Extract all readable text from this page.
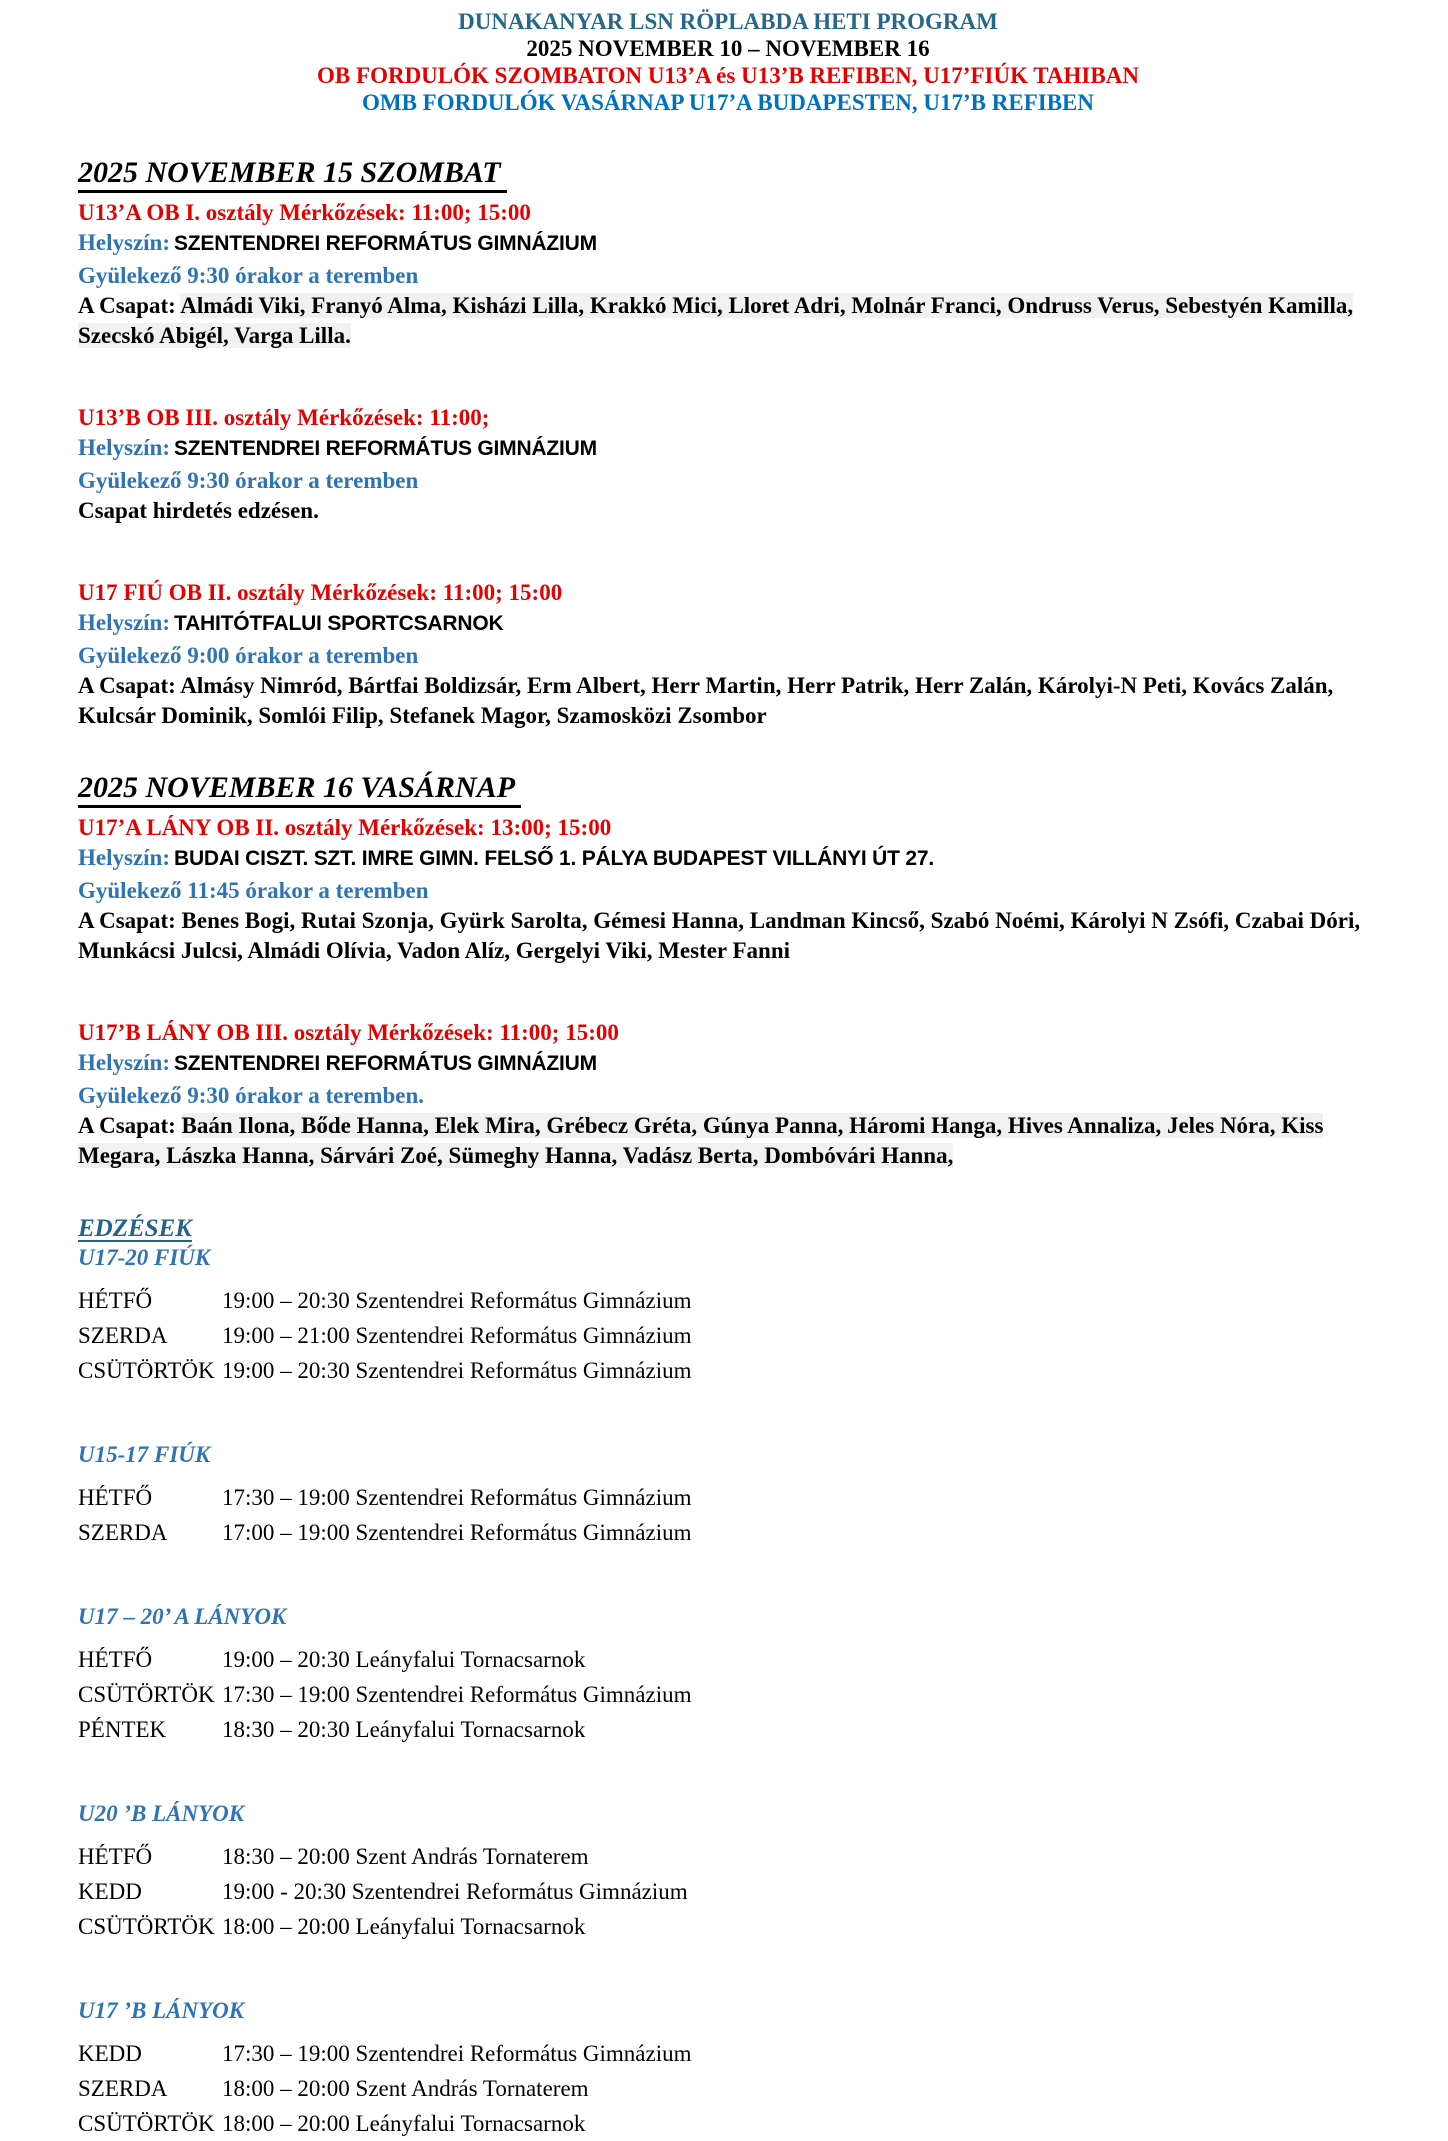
DUNAKANYAR LSN RÖPLABDA HETI PROGRAM
2025 NOVEMBER 10 – NOVEMBER 16
OB FORDULÓK SZOMBATON U13’A és U13’B REFIBEN, U17’FIÚK TAHIBAN
OMB FORDULÓK VASÁRNAP U17’A BUDAPESTEN, U17’B REFIBEN
2025 NOVEMBER 15 SZOMBAT
U13’A OB I. osztály Mérkőzések: 11:00; 15:00
Helyszín: SZENTENDREI REFORMÁTUS GIMNÁZIUM
Gyülekező 9:30 órakor a teremben
A Csapat: Almádi Viki, Franyó Alma, Kisházi Lilla, Krakkó Mici, Lloret Adri, Molnár Franci, Ondruss Verus, Sebestyén Kamilla, Szecskó Abigél, Varga Lilla.
U13’B OB III. osztály Mérkőzések: 11:00;
Helyszín: SZENTENDREI REFORMÁTUS GIMNÁZIUM
Gyülekező 9:30 órakor a teremben
Csapat hirdetés edzésen.
U17 FIÚ OB II. osztály Mérkőzések: 11:00; 15:00
Helyszín: TAHITÓTFALUI SPORTCSARNOK
Gyülekező 9:00 órakor a teremben
A Csapat: Almásy Nimród, Bártfai Boldizsár, Erm Albert, Herr Martin, Herr Patrik, Herr Zalán, Károlyi-N Peti, Kovács Zalán, Kulcsár Dominik, Somlói Filip, Stefanek Magor, Szamosközi Zsombor
2025 NOVEMBER 16 VASÁRNAP
U17’A LÁNY OB II. osztály Mérkőzések: 13:00; 15:00
Helyszín: BUDAI CISZT. SZT. IMRE GIMN. FELSŐ 1. PÁLYA BUDAPEST VILLÁNYI ÚT 27.
Gyülekező 11:45 órakor a teremben
A Csapat: Benes Bogi, Rutai Szonja, Gyürk Sarolta, Gémesi Hanna, Landman Kincső, Szabó Noémi, Károlyi N Zsófi, Czabai Dóri, Munkácsi Julcsi, Almádi Olívia, Vadon Alíz, Gergelyi Viki, Mester Fanni
U17’B LÁNY OB III. osztály Mérkőzések: 11:00; 15:00
Helyszín: SZENTENDREI REFORMÁTUS GIMNÁZIUM
Gyülekező 9:30 órakor a teremben.
A Csapat: Baán Ilona, Bőde Hanna, Elek Mira, Grébecz Gréta, Gúnya Panna, Háromi Hanga, Hives Annaliza, Jeles Nóra, Kiss Megara, Lászka Hanna, Sárvári Zoé, Sümeghy Hanna, Vadász Berta, Dombóvári Hanna,
EDZÉSEK
U17-20 FIÚK
HÉTFŐ	19:00 – 20:30 Szentendrei Református Gimnázium
SZERDA	19:00 – 21:00 Szentendrei Református Gimnázium
CSÜTÖRTÖK 19:00 – 20:30 Szentendrei Református Gimnázium
U15-17 FIÚK
HÉTFŐ	17:30 – 19:00 Szentendrei Református Gimnázium
SZERDA	17:00 – 19:00 Szentendrei Református Gimnázium
U17 – 20’ A LÁNYOK
HÉTFŐ	19:00 – 20:30 Leányfalui Tornacsarnok
CSÜTÖRTÖK 17:30 – 19:00 Szentendrei Református Gimnázium
PÉNTEK	18:30 – 20:30 Leányfalui Tornacsarnok
U20 ’B LÁNYOK
HÉTFŐ	18:30 – 20:00 Szent András Tornaterem
KEDD	19:00 - 20:30 Szentendrei Református Gimnázium
CSÜTÖRTÖK 18:00 – 20:00 Leányfalui Tornacsarnok
U17 ’B LÁNYOK
KEDD	17:30 – 19:00 Szentendrei Református Gimnázium
SZERDA	18:00 – 20:00 Szent András Tornaterem
CSÜTÖRTÖK 18:00 – 20:00 Leányfalui Tornacsarnok
